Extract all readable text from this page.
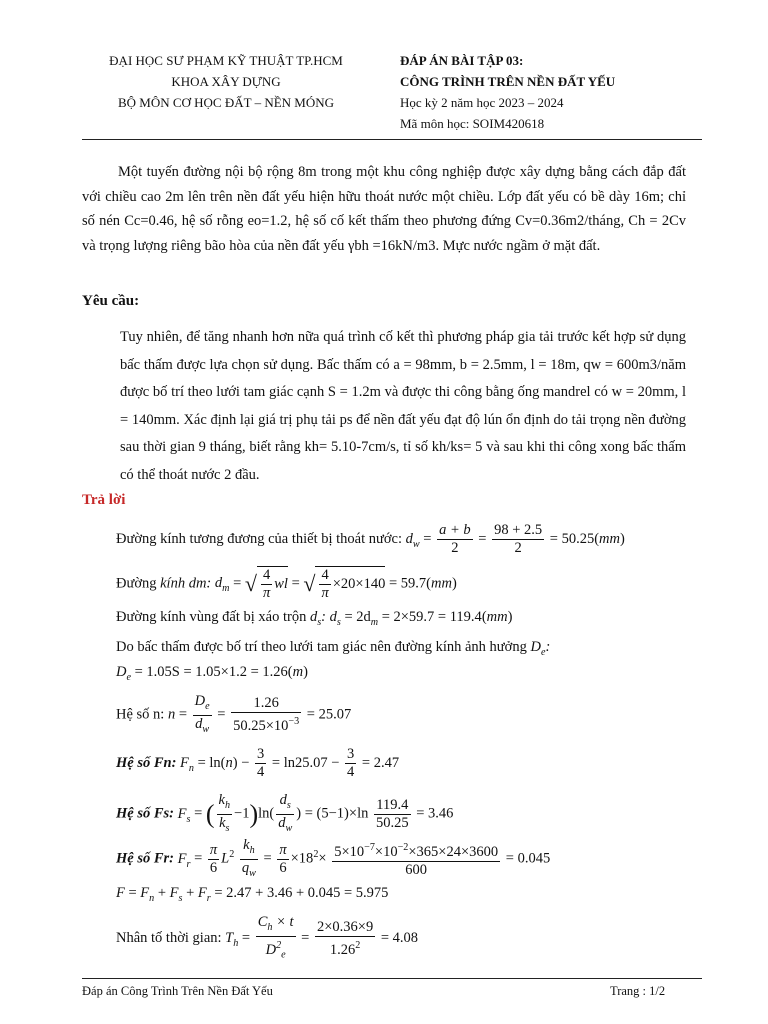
ĐẠI HỌC SƯ PHẠM KỸ THUẬT TP.HCM
KHOA XÂY DỰNG
BỘ MÔN CƠ HỌC ĐẤT – NỀN MÓNG
ĐÁP ÁN BÀI TẬP 03:
CÔNG TRÌNH TRÊN NỀN ĐẤT YẾU
Học kỳ 2 năm học 2023 – 2024
Mã môn học: SOIM420618
Một tuyến đường nội bộ rộng 8m trong một khu công nghiệp được xây dựng bằng cách đắp đất với chiều cao 2m lên trên nền đất yếu hiện hữu thoát nước một chiều. Lớp đất yếu có bề dày 16m; chỉ số nén Cc=0.46, hệ số rỗng eo=1.2, hệ số cố kết thấm theo phương đứng Cv=0.36m2/tháng, Ch = 2Cv và trọng lượng riêng bão hòa của nền đất yếu γbh =16kN/m3. Mực nước ngầm ở mặt đất.
Yêu cầu:
Tuy nhiên, để tăng nhanh hơn nữa quá trình cố kết thì phương pháp gia tải trước kết hợp sử dụng bấc thấm được lựa chọn sử dụng. Bấc thấm có a = 98mm, b = 2.5mm, l = 18m, qw = 600m3/năm được bố trí theo lưới tam giác cạnh S = 1.2m và được thi công bằng ống mandrel có w = 20mm, l = 140mm. Xác định lại giá trị phụ tải ps để nền đất yếu đạt độ lún ổn định do tải trọng nền đường sau thời gian 9 tháng, biết rằng kh= 5.10-7cm/s, tỉ số kh/ks= 5 và sau khi thi công xong bấc thấm có thể thoát nước 2 đầu.
Trả lời
Đường kính tương đương của thiết bị thoát nước: $d_w = \frac{a + b}{2} = \frac{98 + 2.5}{2} = 50.25(mm)$
Đường kính dm: $d_m$ = √ $\frac{4}{\pi}$ wl = √ $\frac{4}{\pi} \times 20\times 140 = 59.7(mm)$
Đường kính vùng đất bị xáo trộn $d_s$: $d_s = 2d_m = 2\times 59.7 = 119.4(mm)$
Do bấc thấm được bố trí theo lưới tam giác nên đường kính ảnh hưởng $D_e$:
$D_e = 1.05S = 1.05\times 1.2 = 1.26(m)$
Hệ số n: $n = \frac{D_e}{d_w} = \frac{1.26}{50.25\times 10^{-3}} = 25.07$
Hệ số Fn: $F_n = \ln(n) - \frac{3}{4} = \ln 25.07 - \frac{3}{4} = 2.47$
Hệ số Fs: $F_s$ = ( $\frac{k_h}{k_s} -1)\ln( \frac{d_s}{d_w}$ ) = $(5-1)\times\ln \frac{119.4}{50.25} = 3.46$
Hệ số Fr: $F_r = \frac{\pi}{6} L^2 \frac{k_h}{q_w} = \frac{\pi}{6} \times 18^2\times \frac{5\times 10^{-7}\times 10^{-2}\times 365\times 24\times 3600}{600} = 0.045$
$F = F_n + F_s + F_r = 2.47 + 3.46 + 0.045 = 5.975$
Nhân tố thời gian: $T_h = \frac{C_h \times t}{D^2_e} = \frac{2\times 0.36\times 9}{1.26^2} = 4.08$
Đáp án Công Trình Trên Nền Đất Yếu	Trang : 1/2
